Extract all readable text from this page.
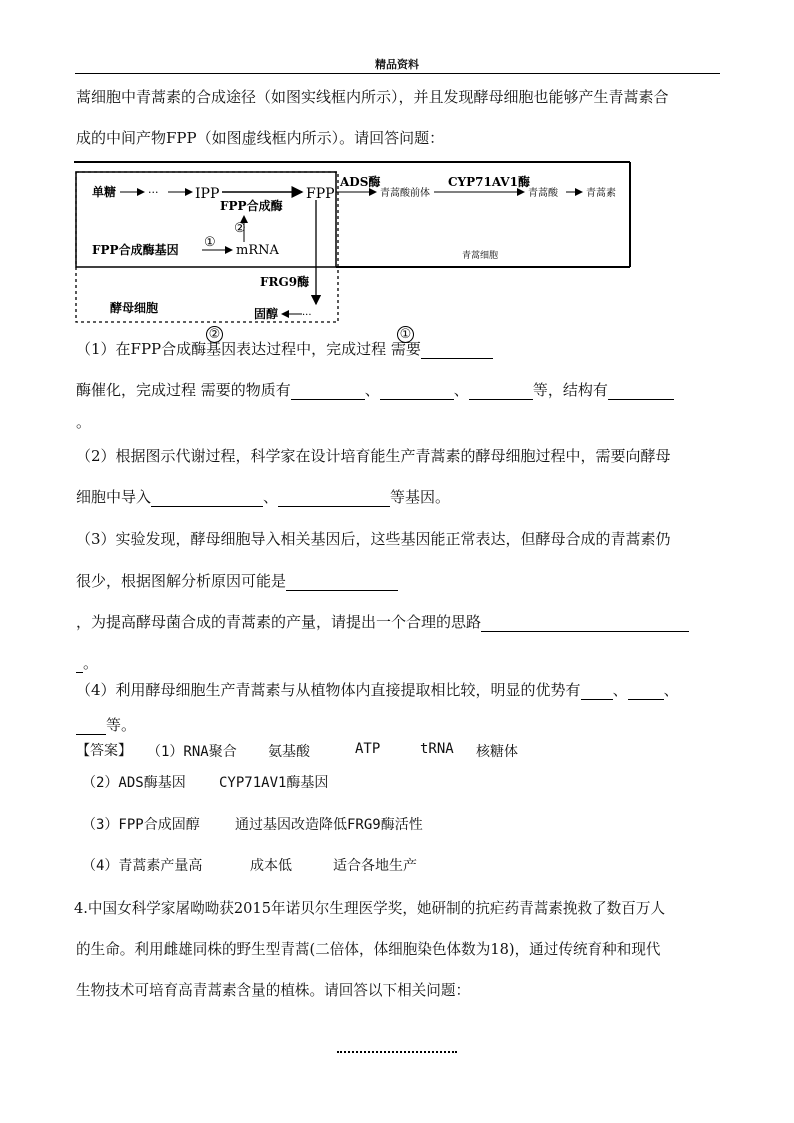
精品资料
蒿细胞中青蒿素的合成途径（如图实线框内所示），并且发现酵母细胞也能够产生青蒿素合
成的中间产物FPP（如图虚线框内所示）。请回答问题：
单糖	···	IPP	FPP
ADS酶
青蒿酸前体
CYP71AV1酶
青蒿酸	青蒿素
FPP合成酶
②
FPP合成酶基因 ①
mRNA	青蒿细胞
FRG9酶
固醇 ···
酵母细胞
②	①
（1）在FPP合成酶基因表达过程中，完成过程 需要
酶催化，完成过程 需要的物质有	、	、	等，结构有
。
（2）根据图示代谢过程，科学家在设计培育能生产青蒿素的酵母细胞过程中，需要向酵母
细胞中导入	、	等基因。
（3）实验发现，酵母细胞导入相关基因后，这些基因能正常表达，但酵母合成的青蒿素仍
很少，根据图解分析原因可能是
，为提高酵母菌合成的青蒿素的产量，请提出一个合理的思路
。
（4）利用酵母细胞生产青蒿素与从植物体内直接提取相比较，明显的优势有 、 、
等。
【答案】 （1）RNA聚合 氨基酸	ATP	tRNA 核糖体
（2）ADS酶基因 CYP71AV1酶基因
（3）FPP合成固醇	通过基因改造降低FRG9酶活性
（4）青蒿素产量高	成本低	适合各地生产
4.中国女科学家屠呦呦获2015年诺贝尔生理医学奖，她研制的抗疟药青蒿素挽救了数百万人
的生命。利用雌雄同株的野生型青蒿(二倍体，体细胞染色体数为18)，通过传统育种和现代
生物技术可培育高青蒿素含量的植株。请回答以下相关问题：
